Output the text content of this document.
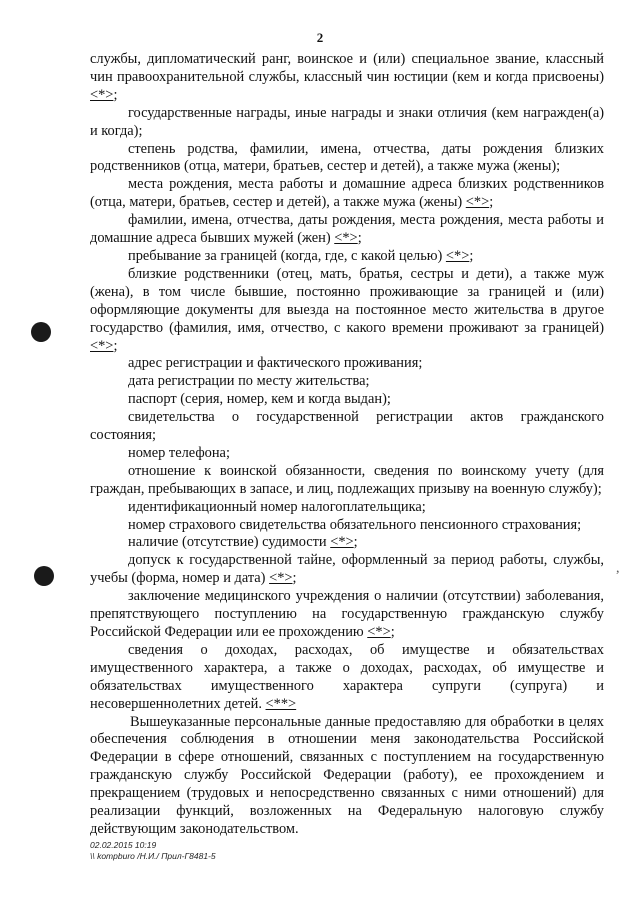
2
,

службы, дипломатический ранг, воинское и (или) специальное звание, классный чин правоохранительной службы, классный чин юстиции (кем и когда присвоены) <*>;

государственные награды, иные награды и знаки отличия (кем награжден(а) и когда);

степень родства, фамилии, имена, отчества, даты рождения близких родственников (отца, матери, братьев, сестер и детей), а также мужа (жены);

места рождения, места работы и домашние адреса близких родственников (отца, матери, братьев, сестер и детей), а также мужа (жены) <*>;

фамилии, имена, отчества, даты рождения, места рождения, места работы и домашние адреса бывших мужей (жен) <*>;

пребывание за границей (когда, где, с какой целью) <*>;

близкие родственники (отец, мать, братья, сестры и дети), а также муж (жена), в том числе бывшие, постоянно проживающие за границей и (или) оформляющие документы для выезда на постоянное место жительства в другое государство (фамилия, имя, отчество, с какого времени проживают за границей) <*>;

адрес регистрации и фактического проживания;

дата регистрации по месту жительства;

паспорт (серия, номер, кем и когда выдан);

свидетельства о государственной регистрации актов гражданского состояния;

номер телефона;

отношение к воинской обязанности, сведения по воинскому учету (для граждан, пребывающих в запасе, и лиц, подлежащих призыву на военную службу);

идентификационный номер налогоплательщика;

номер страхового свидетельства обязательного пенсионного страхования;

наличие (отсутствие) судимости <*>;

допуск к государственной тайне, оформленный за период работы, службы, учебы (форма, номер и дата) <*>;

заключение медицинского учреждения о наличии (отсутствии) заболевания, препятствующего поступлению на государственную гражданскую службу Российской Федерации или ее прохождению <*>;

сведения о доходах, расходах, об имуществе и обязательствах имущественного характера, а также о доходах, расходах, об имуществе и обязательствах имущественного характера супруги (супруга) и несовершеннолетних детей. <**>

Вышеуказанные персональные данные предоставляю для обработки в целях обеспечения соблюдения в отношении меня законодательства Российской Федерации в сфере отношений, связанных с поступлением на государственную гражданскую службу Российской Федерации (работу), ее прохождением и прекращением (трудовых и непосредственно связанных с ними отношений) для реализации функций, возложенных на Федеральную налоговую службу действующим законодательством.

02.02.2015 10:19
\\ kompburo /Н.И./ Прил-Г8481-5
